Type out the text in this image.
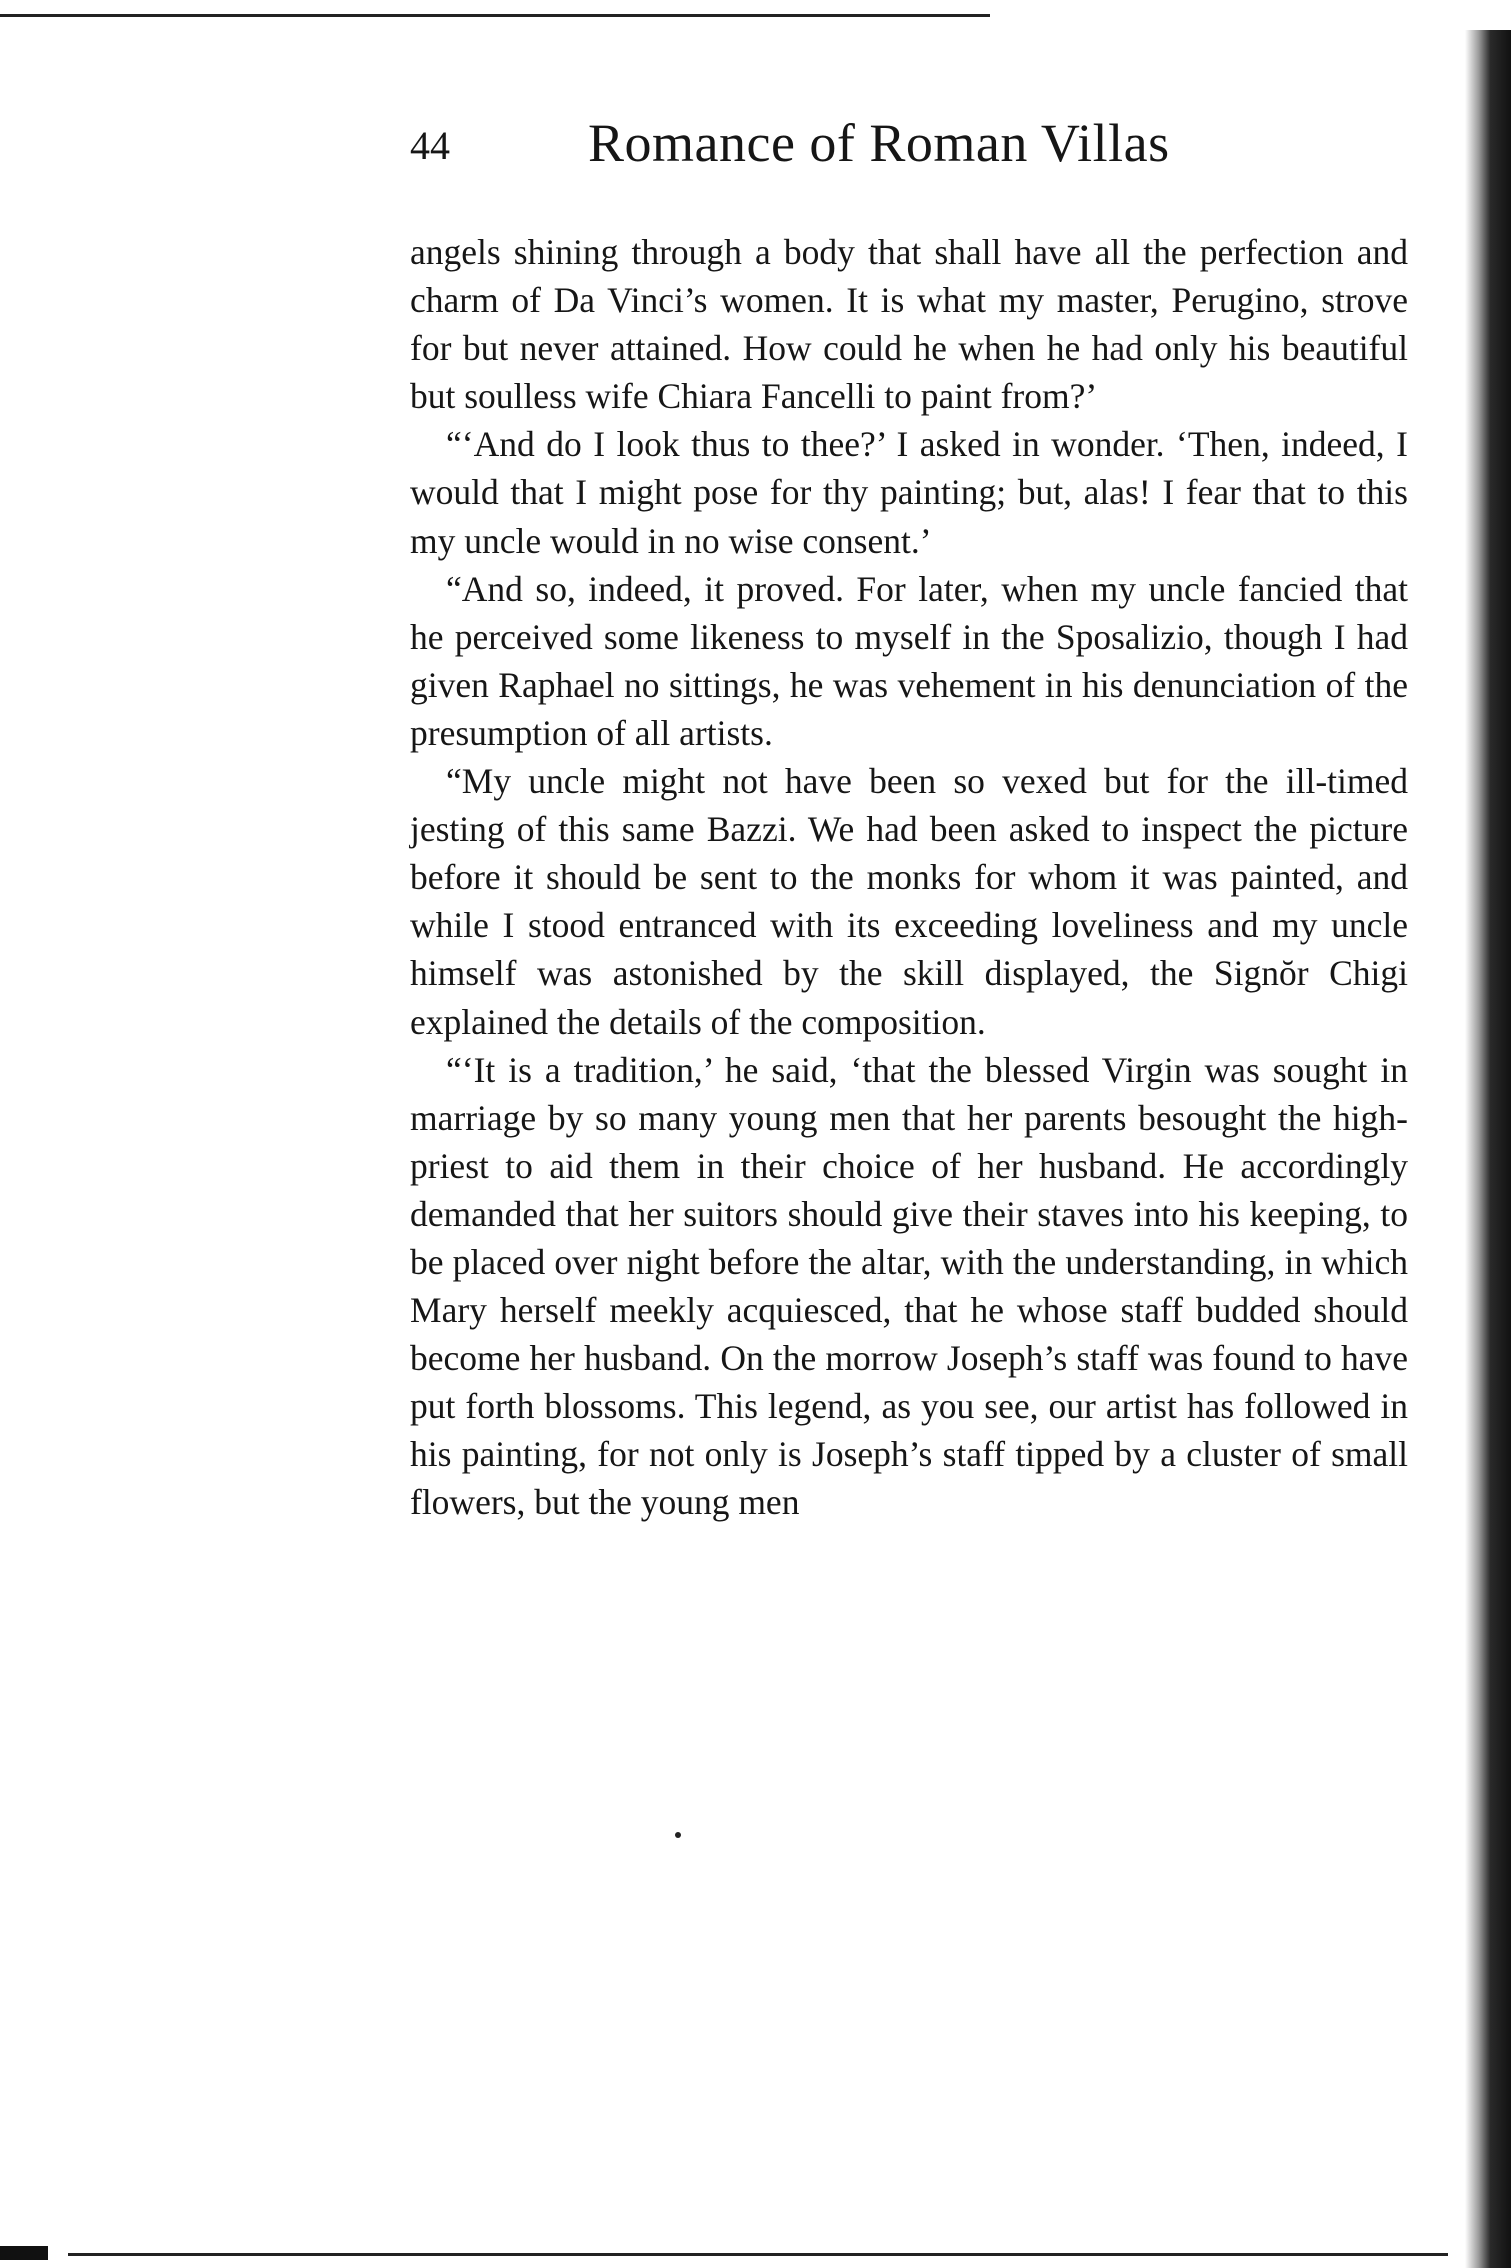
44	Romance of Roman Villas

angels shining through a body that shall have all the perfection and charm of Da Vinci’s women. It is what my master, Perugino, strove for but never attained. How could he when he had only his beautiful but soulless wife Chiara Fancelli to paint from?’

“‘And do I look thus to thee?’ I asked in wonder. ‘Then, indeed, I would that I might pose for thy painting; but, alas! I fear that to this my uncle would in no wise consent.’

“And so, indeed, it proved. For later, when my uncle fancied that he perceived some likeness to myself in the Sposalizio, though I had given Raphael no sittings, he was vehement in his denunciation of the presumption of all artists.

“My uncle might not have been so vexed but for the ill-timed jesting of this same Bazzi. We had been asked to inspect the picture before it should be sent to the monks for whom it was painted, and while I stood entranced with its exceeding loveliness and my uncle himself was astonished by the skill displayed, the Signŏr Chigi explained the details of the composition.

“‘It is a tradition,’ he said, ‘that the blessed Virgin was sought in marriage by so many young men that her parents besought the high-priest to aid them in their choice of her husband. He accordingly demanded that her suitors should give their staves into his keeping, to be placed over night before the altar, with the understanding, in which Mary herself meekly acquiesced, that he whose staff budded should become her husband. On the morrow Joseph’s staff was found to have put forth blossoms. This legend, as you see, our artist has followed in his painting, for not only is Joseph’s staff tipped by a cluster of small flowers, but the young men
